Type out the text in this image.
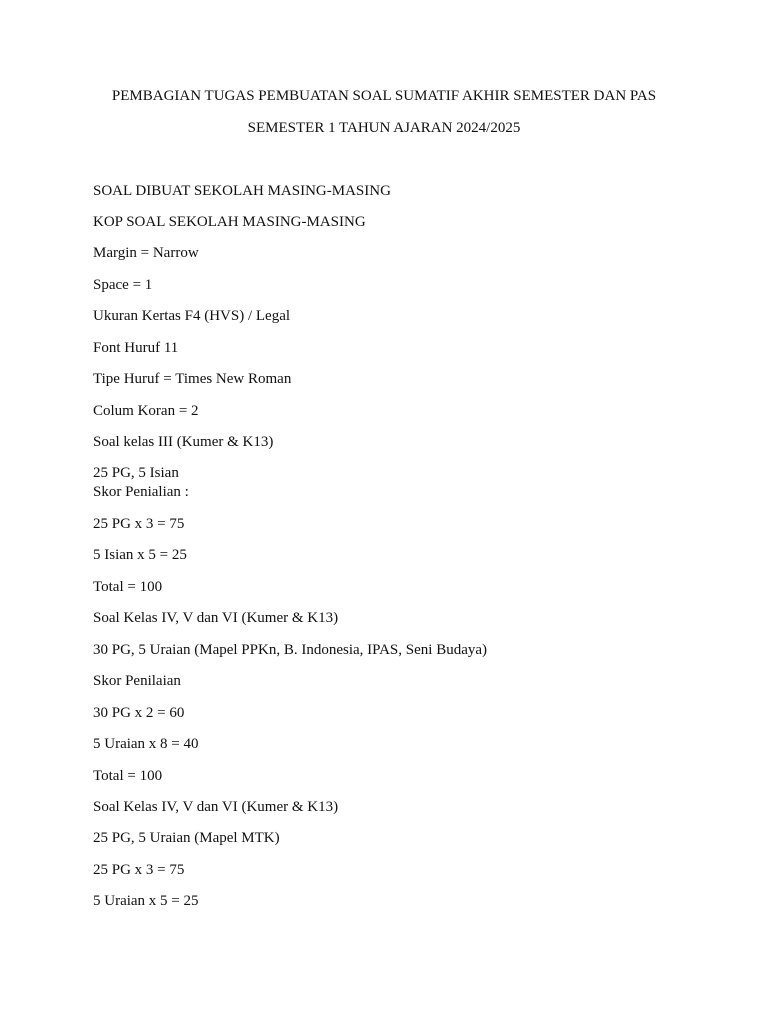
PEMBAGIAN TUGAS PEMBUATAN SOAL SUMATIF AKHIR SEMESTER DAN PAS
SEMESTER 1 TAHUN AJARAN 2024/2025
SOAL DIBUAT SEKOLAH MASING-MASING
KOP SOAL SEKOLAH MASING-MASING
Margin = Narrow
Space = 1
Ukuran Kertas F4 (HVS) / Legal
Font Huruf 11
Tipe Huruf = Times New Roman
Colum Koran = 2
Soal kelas III (Kumer & K13)
25 PG, 5 Isian
Skor Penialian :
25 PG x 3 = 75
5 Isian x 5 = 25
Total = 100
Soal Kelas IV, V dan VI (Kumer & K13)
30 PG, 5 Uraian (Mapel PPKn, B. Indonesia, IPAS, Seni Budaya)
Skor Penilaian
30 PG x 2 = 60
5 Uraian x 8 = 40
Total = 100
Soal Kelas IV, V dan VI (Kumer & K13)
25 PG, 5 Uraian (Mapel MTK)
25 PG x 3 = 75
5 Uraian x 5 = 25
